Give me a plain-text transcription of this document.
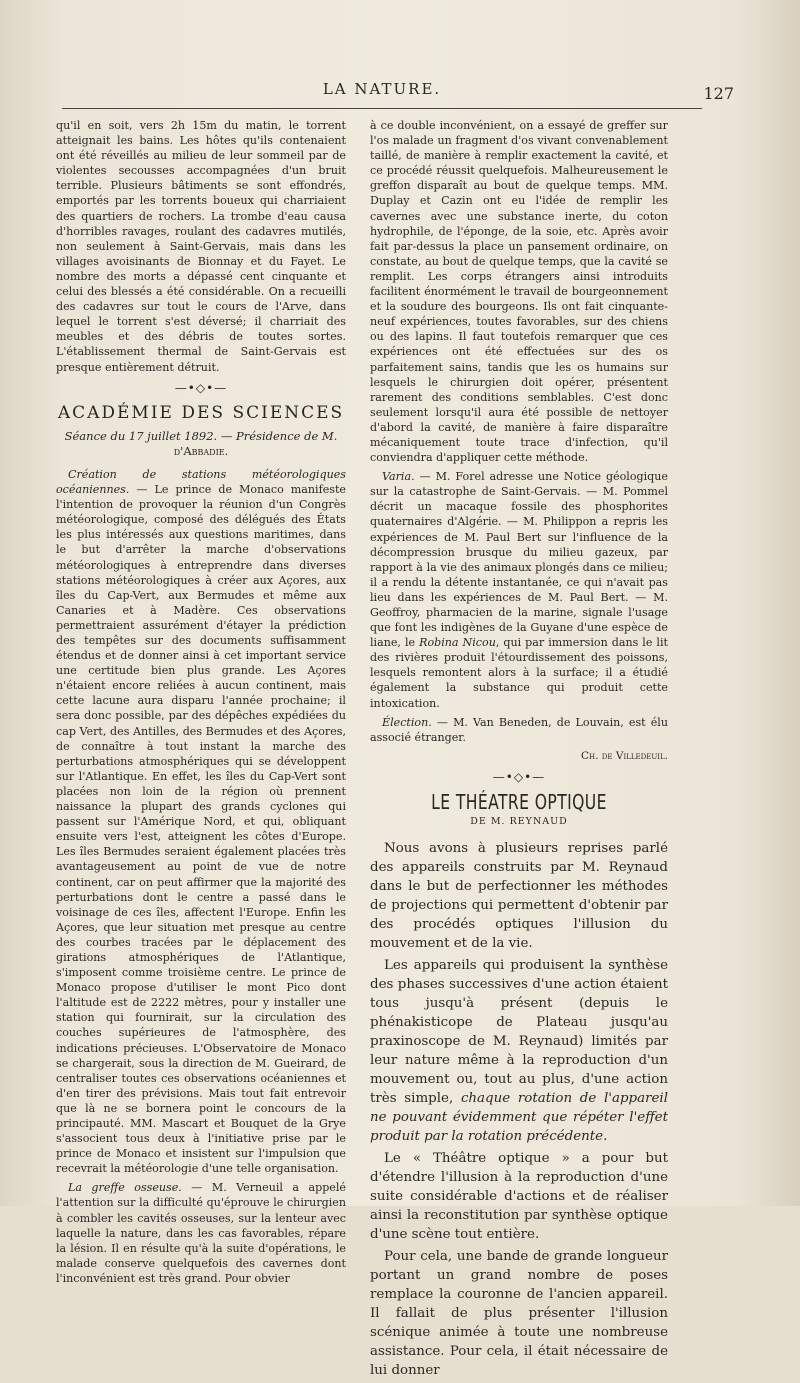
LA NATURE.	127

qu'il en soit, vers 2h 15m du matin, le torrent atteignait les bains. Les hôtes qu'ils contenaient ont été réveillés au milieu de leur sommeil par de violentes secousses accompagnées d'un bruit terrible. Plusieurs bâtiments se sont effondrés, emportés par les torrents boueux qui charriaient des quartiers de rochers. La trombe d'eau causa d'horribles ravages, roulant des cadavres mutilés, non seulement à Saint-Gervais, mais dans les villages avoisinants de Bionnay et du Fayet. Le nombre des morts a dépassé cent cinquante et celui des blessés a été considérable. On a recueilli des cadavres sur tout le cours de l'Arve, dans lequel le torrent s'est déversé; il charriait des meubles et des débris de toutes sortes. L'établissement thermal de Saint-Gervais est presque entièrement détruit.

—•◇•—
ACADÉMIE DES SCIENCES
Séance du 17 juillet 1892. — Présidence de M. d'Abbadie.

Création de stations météorologiques océaniennes. — Le prince de Monaco manifeste l'intention de provoquer la réunion d'un Congrès météorologique, composé des délégués des États les plus intéressés aux questions maritimes, dans le but d'arrêter la marche d'observations météorologiques à entreprendre dans diverses stations météorologiques à créer aux Açores, aux îles du Cap-Vert, aux Bermudes et même aux Canaries et à Madère. Ces observations permettraient assurément d'étayer la prédiction des tempêtes sur des documents suffisamment étendus et de donner ainsi à cet important service une certitude bien plus grande. Les Açores n'étaient encore reliées à aucun continent, mais cette lacune aura disparu l'année prochaine; il sera donc possible, par des dépêches expédiées du cap Vert, des Antilles, des Bermudes et des Açores, de connaître à tout instant la marche des perturbations atmosphériques qui se développent sur l'Atlantique. En effet, les îles du Cap-Vert sont placées non loin de la région où prennent naissance la plupart des grands cyclones qui passent sur l'Amérique Nord, et qui, obliquant ensuite vers l'est, atteignent les côtes d'Europe. Les îles Bermudes seraient également placées très avantageusement au point de vue de notre continent, car on peut affirmer que la majorité des perturbations dont le centre a passé dans le voisinage de ces îles, affectent l'Europe. Enfin les Açores, que leur situation met presque au centre des courbes tracées par le déplacement des girations atmosphériques de l'Atlantique, s'imposent comme troisième centre. Le prince de Monaco propose d'utiliser le mont Pico dont l'altitude est de 2222 mètres, pour y installer une station qui fournirait, sur la circulation des couches supérieures de l'atmosphère, des indications précieuses. L'Observatoire de Monaco se chargerait, sous la direction de M. Gueirard, de centraliser toutes ces observations océaniennes et d'en tirer des prévisions. Mais tout fait entrevoir que là ne se bornera point le concours de la principauté. MM. Mascart et Bouquet de la Grye s'associent tous deux à l'initiative prise par le prince de Monaco et insistent sur l'impulsion que recevrait la météorologie d'une telle organisation.

La greffe osseuse. — M. Verneuil a appelé l'attention sur la difficulté qu'éprouve le chirurgien à combler les cavités osseuses, sur la lenteur avec laquelle la nature, dans les cas favorables, répare la lésion. Il en résulte qu'à la suite d'opérations, le malade conserve quelquefois des cavernes dont l'inconvénient est très grand. Pour obvier

à ce double inconvénient, on a essayé de greffer sur l'os malade un fragment d'os vivant convenablement taillé, de manière à remplir exactement la cavité, et ce procédé réussit quelquefois. Malheureusement le greffon disparaît au bout de quelque temps. MM. Duplay et Cazin ont eu l'idée de remplir les cavernes avec une substance inerte, du coton hydrophile, de l'éponge, de la soie, etc. Après avoir fait par-dessus la place un pansement ordinaire, on constate, au bout de quelque temps, que la cavité se remplit. Les corps étrangers ainsi introduits facilitent énormément le travail de bourgeonnement et la soudure des bourgeons. Ils ont fait cinquante-neuf expériences, toutes favorables, sur des chiens ou des lapins. Il faut toutefois remarquer que ces expériences ont été effectuées sur des os parfaitement sains, tandis que les os humains sur lesquels le chirurgien doit opérer, présentent rarement des conditions semblables. C'est donc seulement lorsqu'il aura été possible de nettoyer d'abord la cavité, de manière à faire disparaître mécaniquement toute trace d'infection, qu'il conviendra d'appliquer cette méthode.

Varia. — M. Forel adresse une Notice géologique sur la catastrophe de Saint-Gervais. — M. Pommel décrit un macaque fossile des phosphorites quaternaires d'Algérie. — M. Philippon a repris les expériences de M. Paul Bert sur l'influence de la décompression brusque du milieu gazeux, par rapport à la vie des animaux plongés dans ce milieu; il a rendu la détente instantanée, ce qui n'avait pas lieu dans les expériences de M. Paul Bert. — M. Geoffroy, pharmacien de la marine, signale l'usage que font les indigènes de la Guyane d'une espèce de liane, le Robina Nicou, qui par immersion dans le lit des rivières produit l'étourdissement des poissons, lesquels remontent alors à la surface; il a étudié également la substance qui produit cette intoxication.

Élection. — M. Van Beneden, de Louvain, est élu associé étranger.

Ch. de Villedeuil.
—•◇•—
LE THÉATRE OPTIQUE
DE M. REYNAUD

Nous avons à plusieurs reprises parlé des appareils construits par M. Reynaud dans le but de perfectionner les méthodes de projections qui permettent d'obtenir par des procédés optiques l'illusion du mouvement et de la vie.

Les appareils qui produisent la synthèse des phases successives d'une action étaient tous jusqu'à présent (depuis le phénakisticope de Plateau jusqu'au praxinoscope de M. Reynaud) limités par leur nature même à la reproduction d'un mouvement ou, tout au plus, d'une action très simple, chaque rotation de l'appareil ne pouvant évidemment que répéter l'effet produit par la rotation précédente.

Le « Théâtre optique » a pour but d'étendre l'illusion à la reproduction d'une suite considérable d'actions et de réaliser ainsi la reconstitution par synthèse optique d'une scène tout entière.

Pour cela, une bande de grande longueur portant un grand nombre de poses remplace la couronne de l'ancien appareil. Il fallait de plus présenter l'illusion scénique animée à toute une nombreuse assistance. Pour cela, il était nécessaire de lui donner
